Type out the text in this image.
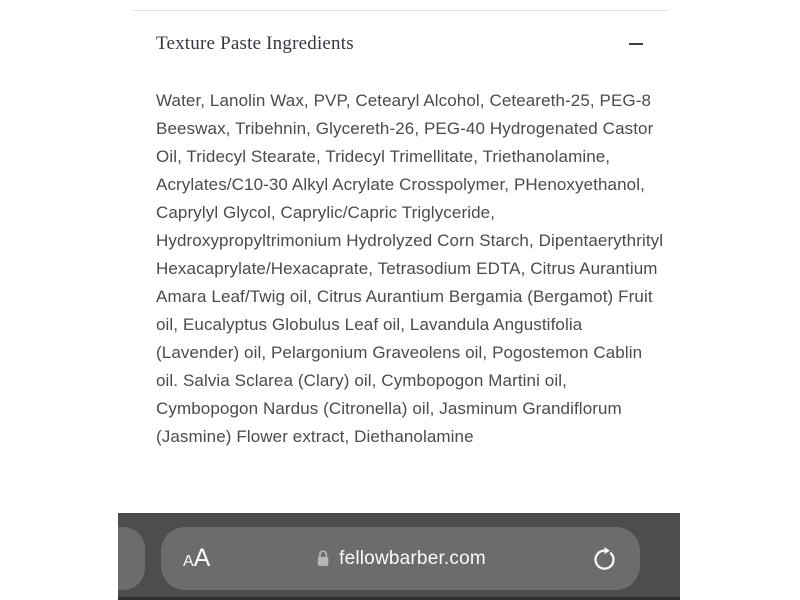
Texture Paste Ingredients

Water, Lanolin Wax, PVP, Cetearyl Alcohol, Ceteareth-25, PEG-8 Beeswax, Tribehnin, Glycereth-26, PEG-40 Hydrogenated Castor Oil, Tridecyl Stearate, Tridecyl Trimellitate, Triethanolamine, Acrylates/C10-30 Alkyl Acrylate Crosspolymer, PHenoxyethanol, Caprylyl Glycol, Caprylic/Capric Triglyceride, Hydroxypropyltrimonium Hydrolyzed Corn Starch, Dipentaerythrityl Hexacaprylate/Hexacaprate, Tetrasodium EDTA, Citrus Aurantium Amara Leaf/Twig oil, Citrus Aurantium Bergamia (Bergamot) Fruit oil, Eucalyptus Globulus Leaf oil, Lavandula Angustifolia (Lavender) oil, Pelargonium Graveolens oil, Pogostemon Cablin oil. Salvia Sclarea (Clary) oil, Cymbopogon Martini oil, Cymbopogon Nardus (Citronella) oil, Jasminum Grandiflorum (Jasmine) Flower extract, Diethanolamine

A A	fellowbarber.com
